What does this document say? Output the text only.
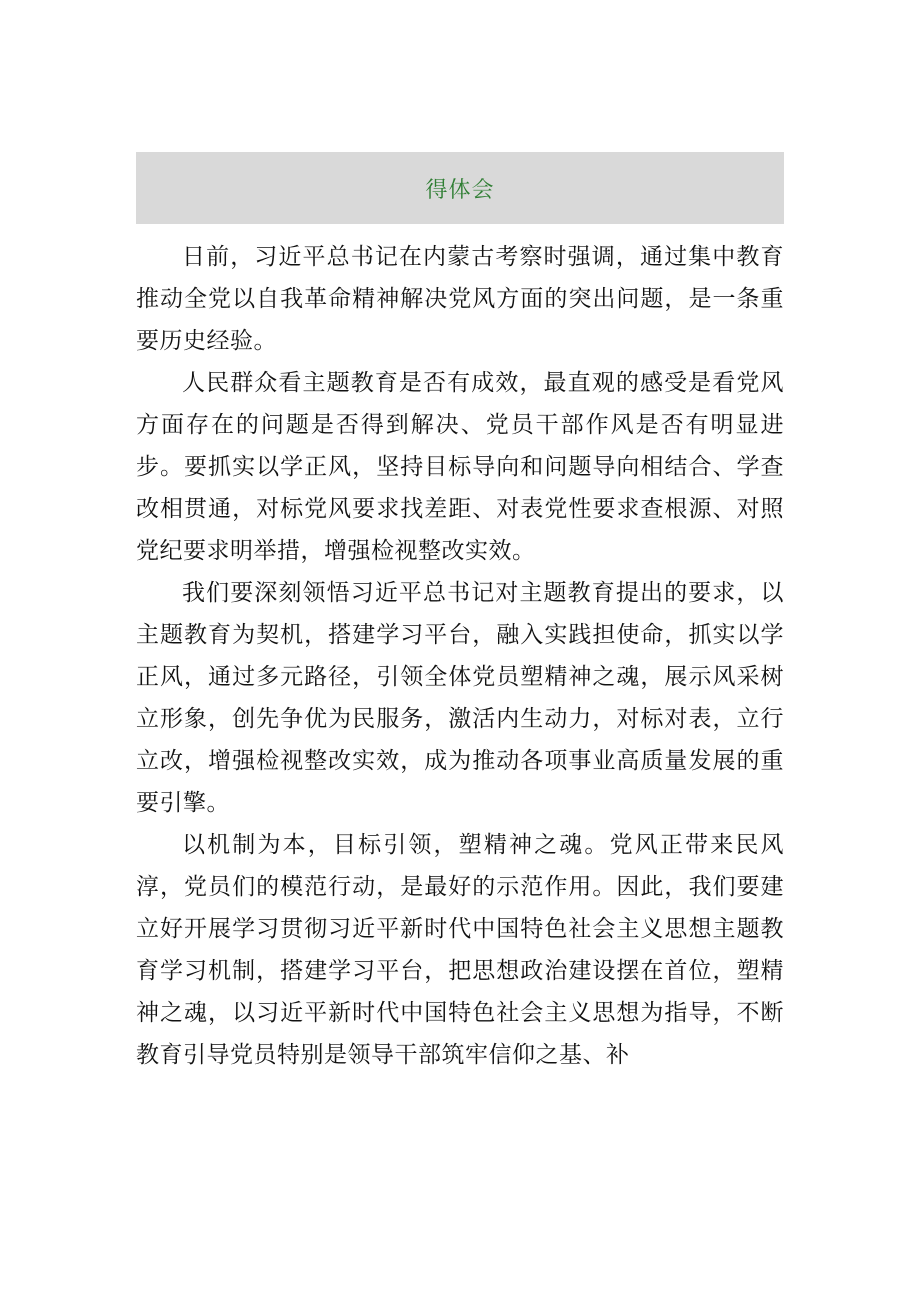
得体会

日前，习近平总书记在内蒙古考察时强调，通过集中教育推动全党以自我革命精神解决党风方面的突出问题，是一条重要历史经验。

人民群众看主题教育是否有成效，最直观的感受是看党风方面存在的问题是否得到解决、党员干部作风是否有明显进步。要抓实以学正风，坚持目标导向和问题导向相结合、学查改相贯通，对标党风要求找差距、对表党性要求查根源、对照党纪要求明举措，增强检视整改实效。

我们要深刻领悟习近平总书记对主题教育提出的要求，以主题教育为契机，搭建学习平台，融入实践担使命，抓实以学正风，通过多元路径，引领全体党员塑精神之魂，展示风采树立形象，创先争优为民服务，激活内生动力，对标对表，立行立改，增强检视整改实效，成为推动各项事业高质量发展的重要引擎。

以机制为本，目标引领，塑精神之魂。党风正带来民风淳，党员们的模范行动，是最好的示范作用。因此，我们要建立好开展学习贯彻习近平新时代中国特色社会主义思想主题教育学习机制，搭建学习平台，把思想政治建设摆在首位，塑精神之魂，以习近平新时代中国特色社会主义思想为指导，不断教育引导党员特别是领导干部筑牢信仰之基、补
